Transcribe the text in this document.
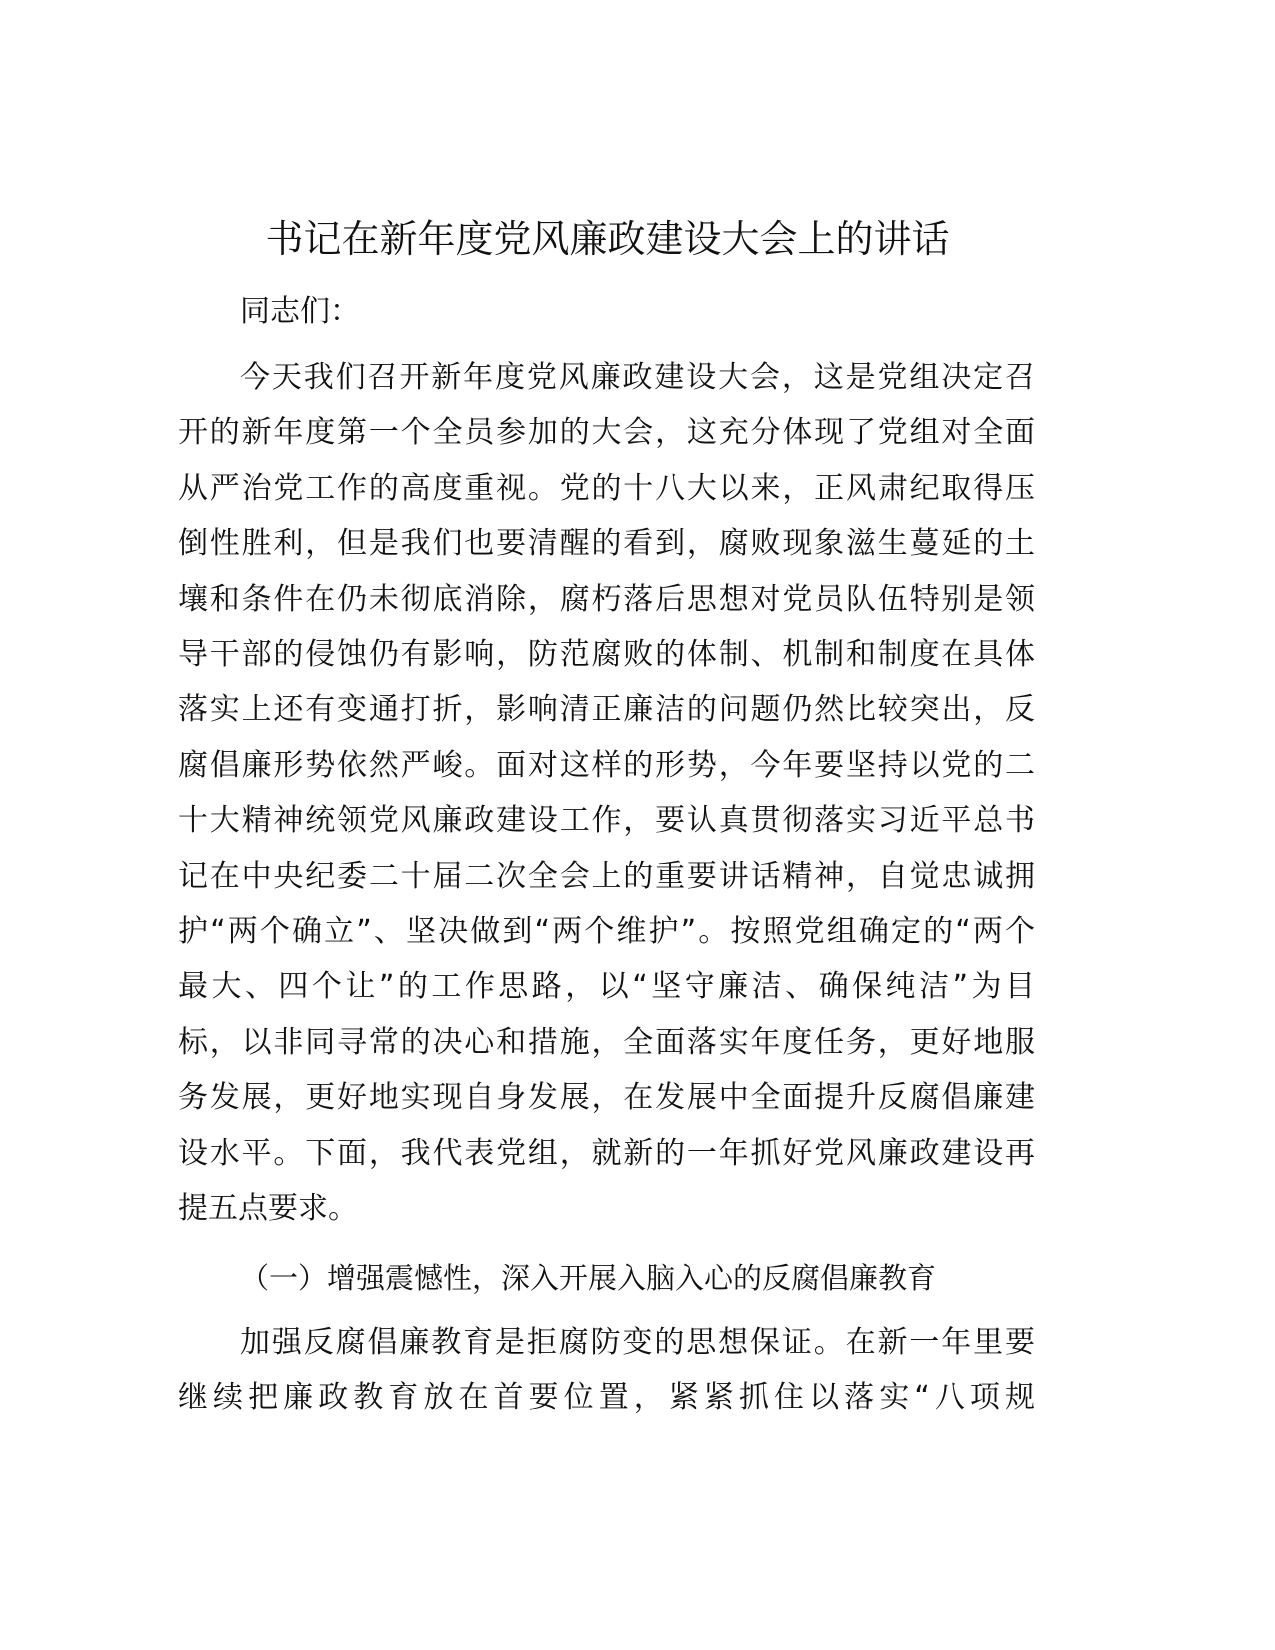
书记在新年度党风廉政建设大会上的讲话
同志们：
今天我们召开新年度党风廉政建设大会，这是党组决定召
开的新年度第一个全员参加的大会，这充分体现了党组对全面
从严治党工作的高度重视。党的十八大以来，正风肃纪取得压
倒性胜利，但是我们也要清醒的看到，腐败现象滋生蔓延的土
壤和条件在仍未彻底消除，腐朽落后思想对党员队伍特别是领
导干部的侵蚀仍有影响，防范腐败的体制、机制和制度在具体
落实上还有变通打折，影响清正廉洁的问题仍然比较突出，反
腐倡廉形势依然严峻。面对这样的形势，今年要坚持以党的二
十大精神统领党风廉政建设工作，要认真贯彻落实习近平总书
记在中央纪委二十届二次全会上的重要讲话精神，自觉忠诚拥
护“两个确立”、坚决做到“两个维护”。按照党组确定的“两个
最大、四个让”的工作思路，以“坚守廉洁、确保纯洁”为目
标，以非同寻常的决心和措施，全面落实年度任务，更好地服
务发展，更好地实现自身发展，在发展中全面提升反腐倡廉建
设水平。下面，我代表党组，就新的一年抓好党风廉政建设再
提五点要求。
（一）增强震憾性，深入开展入脑入心的反腐倡廉教育
加强反腐倡廉教育是拒腐防变的思想保证。在新一年里要
继续把廉政教育放在首要位置，紧紧抓住以落实“八项规
